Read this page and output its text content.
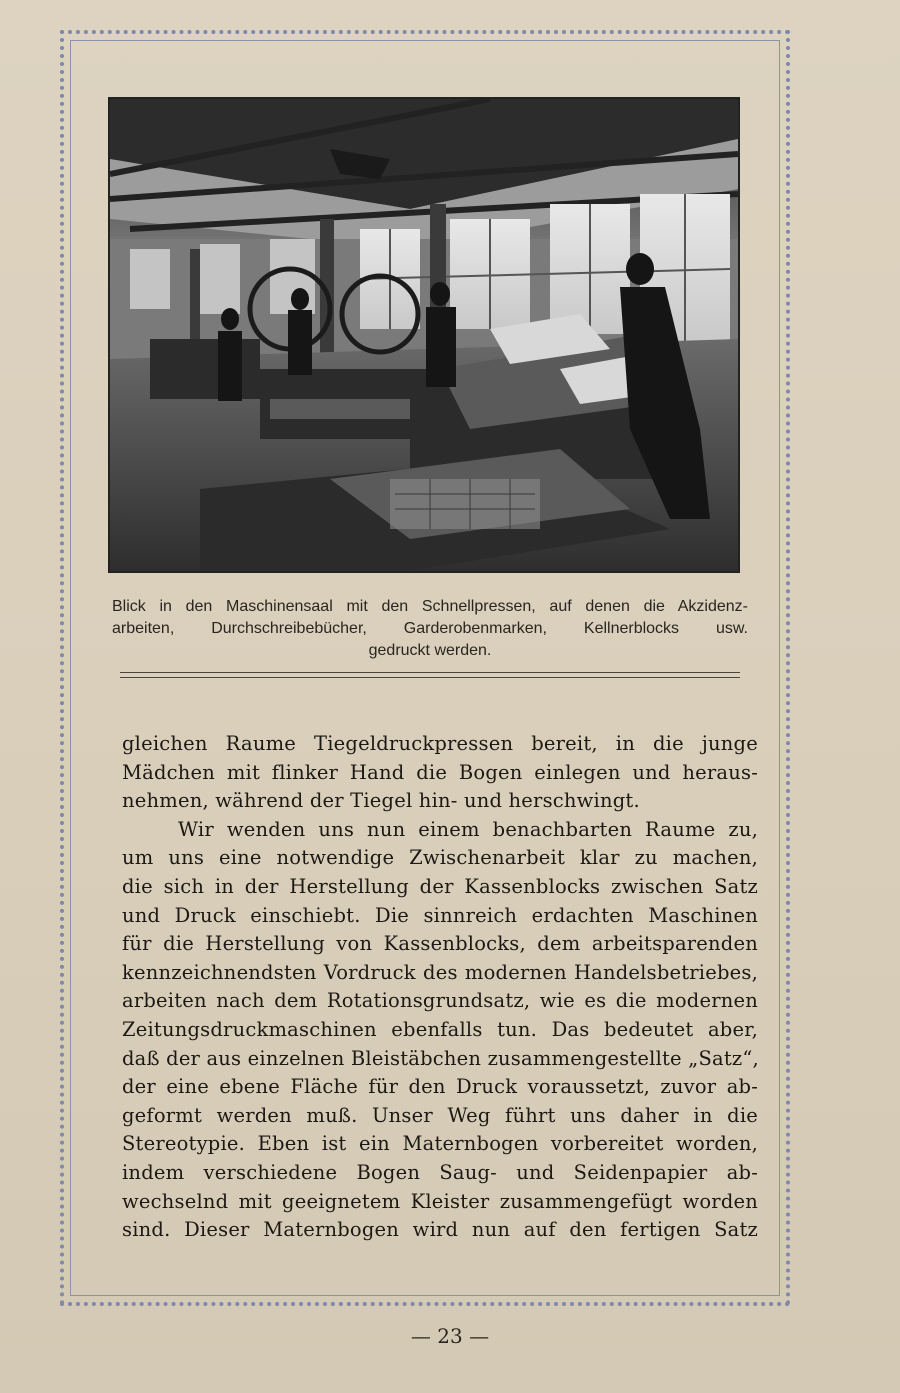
Blick in den Maschinensaal mit den Schnellpressen, auf denen die Akzidenz-
arbeiten, Durchschreibebücher, Garderobenmarken, Kellnerblocks usw.
gedruckt werden.
gleichen Raume Tiegeldruckpressen bereit, in die junge
Mädchen mit flinker Hand die Bogen einlegen und heraus-
nehmen, während der Tiegel hin- und herschwingt.
Wir wenden uns nun einem benachbarten Raume zu,
um uns eine notwendige Zwischenarbeit klar zu machen,
die sich in der Herstellung der Kassenblocks zwischen Satz
und Druck einschiebt. Die sinnreich erdachten Maschinen
für die Herstellung von Kassenblocks, dem arbeitsparenden
kennzeichnendsten Vordruck des modernen Handelsbetriebes,
arbeiten nach dem Rotationsgrundsatz, wie es die modernen
Zeitungsdruckmaschinen ebenfalls tun. Das bedeutet aber,
daß der aus einzelnen Bleistäbchen zusammengestellte „Satz“,
der eine ebene Fläche für den Druck voraussetzt, zuvor ab-
geformt werden muß. Unser Weg führt uns daher in die
Stereotypie. Eben ist ein Maternbogen vorbereitet worden,
indem verschiedene Bogen Saug- und Seidenpapier ab-
wechselnd mit geeignetem Kleister zusammengefügt worden
sind. Dieser Maternbogen wird nun auf den fertigen Satz
— 23 —
